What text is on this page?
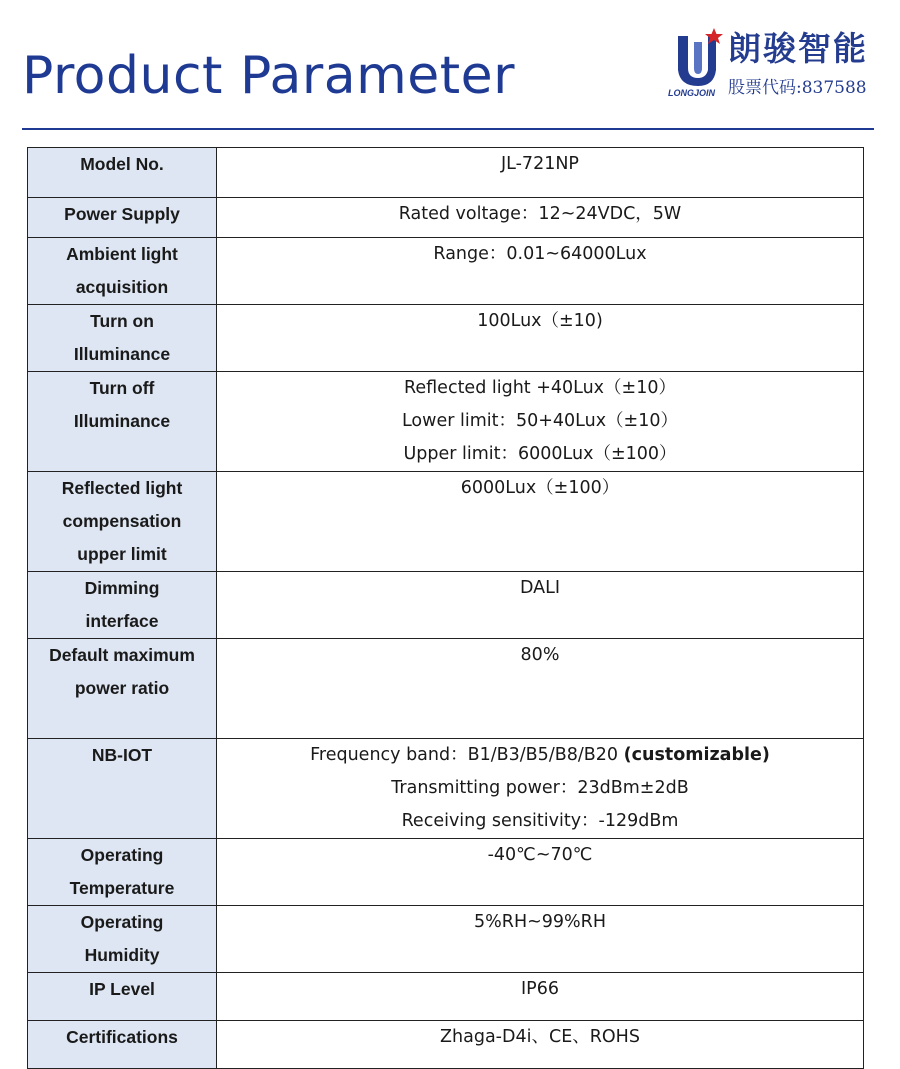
Product Parameter	LONGJOIN
朗骏智能
股票代码:837588
Model No.	JL-721NP

Power Supply	Rated voltage：12~24VDC，5W

Ambient light
acquisition	Range：0.01~64000Lux

Turn on
Illuminance	100Lux（±10)

Turn off
Illuminance	Reflected light +40Lux（±10）
Lower limit：50+40Lux（±10）
Upper limit：6000Lux（±100）

Reflected light
compensation
upper limit	6000Lux（±100）

Dimming
interface	DALI

Default maximum
power ratio	80%

NB-IOT	Frequency band：B1/B3/B5/B8/B20 (customizable)
Transmitting power：23dBm±2dB
Receiving sensitivity：-129dBm

Operating
Temperature	-40℃~70℃

Operating
Humidity	5%RH~99%RH

IP Level	IP66

Certifications	Zhaga-D4i、CE、ROHS
